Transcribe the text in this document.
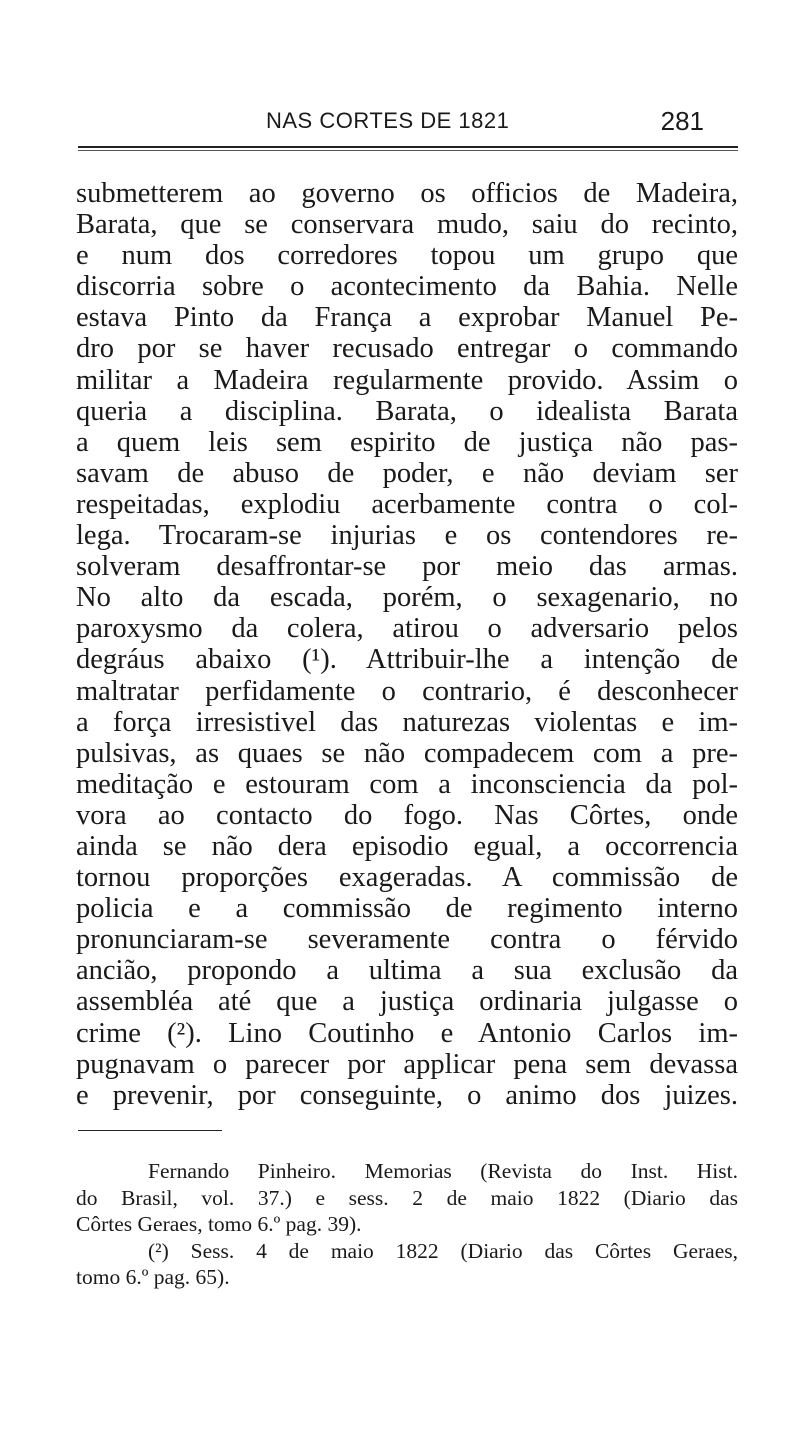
NAS CORTES DE 1821	281
submetterem ao governo os officios de Madeira,
Barata, que se conservara mudo, saiu do recinto,
e num dos corredores topou um grupo que
discorria sobre o acontecimento da Bahia. Nelle
estava Pinto da França a exprobar Manuel Pe-
dro por se haver recusado entregar o commando
militar a Madeira regularmente provido. Assim o
queria a disciplina. Barata, o idealista Barata
a quem leis sem espirito de justiça não pas-
savam de abuso de poder, e não deviam ser
respeitadas, explodiu acerbamente contra o col-
lega. Trocaram-se injurias e os contendores re-
solveram desaffrontar-se por meio das armas.
No alto da escada, porém, o sexagenario, no
paroxysmo da colera, atirou o adversario pelos
degráus abaixo (¹). Attribuir-lhe a intenção de
maltratar perfidamente o contrario, é desconhecer
a força irresistivel das naturezas violentas e im-
pulsivas, as quaes se não compadecem com a pre-
meditação e estouram com a inconsciencia da pol-
vora ao contacto do fogo. Nas Côrtes, onde
ainda se não dera episodio egual, a occorrencia
tornou proporções exageradas. A commissão de
policia e a commissão de regimento interno
pronunciaram-se severamente contra o férvido
ancião, propondo a ultima a sua exclusão da
assembléa até que a justiça ordinaria julgasse o
crime (²). Lino Coutinho e Antonio Carlos im-
pugnavam o parecer por applicar pena sem devassa
e prevenir, por conseguinte, o animo dos juizes.
Fernando Pinheiro. Memorias (Revista do Inst. Hist.
do Brasil, vol. 37.) e sess. 2 de maio 1822 (Diario das
Côrtes Geraes, tomo 6.º pag. 39).
(²) Sess. 4 de maio 1822 (Diario das Côrtes Geraes,
tomo 6.º pag. 65).
